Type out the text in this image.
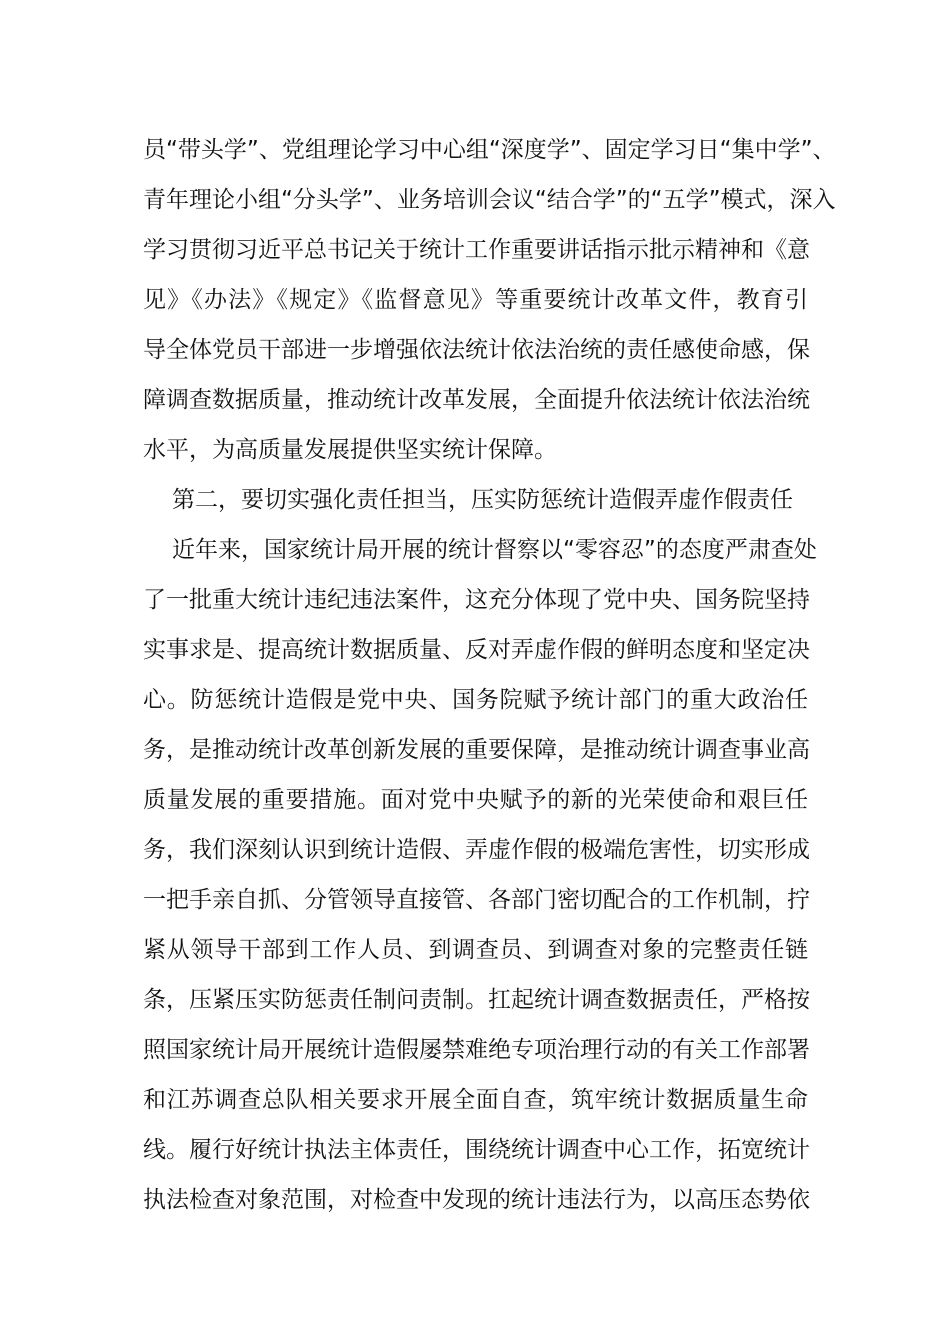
员“带头学”、党组理论学习中心组“深度学”、固定学习日“集中学”、
青年理论小组“分头学”、业务培训会议“结合学”的“五学”模式，深入
学习贯彻习近平总书记关于统计工作重要讲话指示批示精神和《意
见》《办法》《规定》《监督意见》等重要统计改革文件，教育引
导全体党员干部进一步增强依法统计依法治统的责任感使命感，保
障调查数据质量，推动统计改革发展，全面提升依法统计依法治统
水平，为高质量发展提供坚实统计保障。
第二，要切实强化责任担当，压实防惩统计造假弄虚作假责任
近年来，国家统计局开展的统计督察以“零容忍”的态度严肃查处
了一批重大统计违纪违法案件，这充分体现了党中央、国务院坚持
实事求是、提高统计数据质量、反对弄虚作假的鲜明态度和坚定决
心。防惩统计造假是党中央、国务院赋予统计部门的重大政治任
务，是推动统计改革创新发展的重要保障，是推动统计调查事业高
质量发展的重要措施。面对党中央赋予的新的光荣使命和艰巨任
务，我们深刻认识到统计造假、弄虚作假的极端危害性，切实形成
一把手亲自抓、分管领导直接管、各部门密切配合的工作机制，拧
紧从领导干部到工作人员、到调查员、到调查对象的完整责任链
条，压紧压实防惩责任制问责制。扛起统计调查数据责任，严格按
照国家统计局开展统计造假屡禁难绝专项治理行动的有关工作部署
和江苏调查总队相关要求开展全面自查，筑牢统计数据质量生命
线。履行好统计执法主体责任，围绕统计调查中心工作，拓宽统计
执法检查对象范围，对检查中发现的统计违法行为，以高压态势依
